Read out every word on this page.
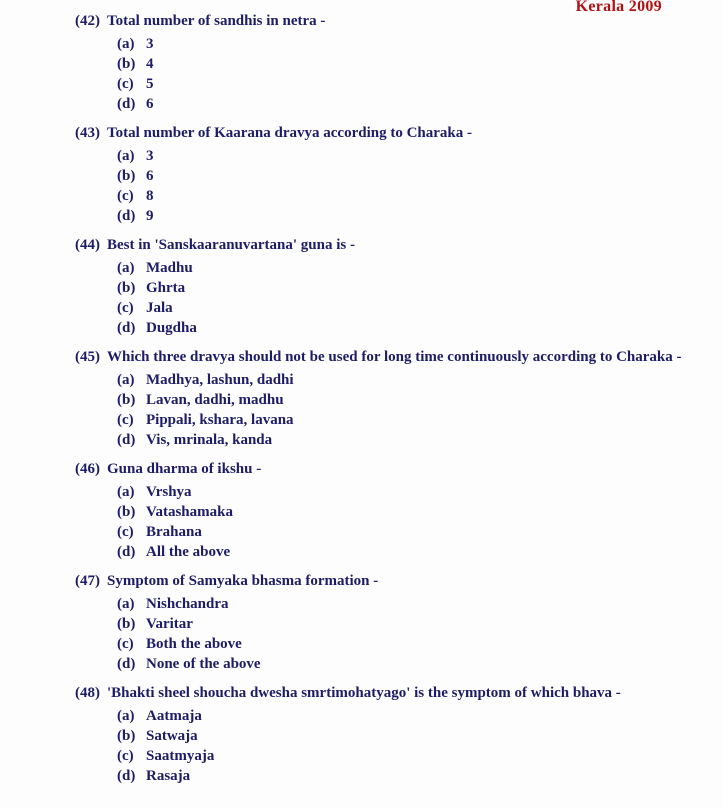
Kerala 2009
(42) Total number of sandhis in netra -
(a) 3
(b) 4
(c) 5
(d) 6
(43) Total number of Kaarana dravya according to Charaka -
(a) 3
(b) 6
(c) 8
(d) 9
(44) Best in 'Sanskaaranuvartana' guna is -
(a) Madhu
(b) Ghrta
(c) Jala
(d) Dugdha
(45) Which three dravya should not be used for long time continuously according to Charaka -
(a) Madhya, lashun, dadhi
(b) Lavan, dadhi, madhu
(c) Pippali, kshara, lavana
(d) Vis, mrinala, kanda
(46) Guna dharma of ikshu -
(a) Vrshya
(b) Vatashamaka
(c) Brahana
(d) All the above
(47) Symptom of Samyaka bhasma formation -
(a) Nishchandra
(b) Varitar
(c) Both the above
(d) None of the above
(48) 'Bhakti sheel shoucha dwesha smrtimohatyago' is the symptom of which bhava -
(a) Aatmaja
(b) Satwaja
(c) Saatmyaja
(d) Rasaja
